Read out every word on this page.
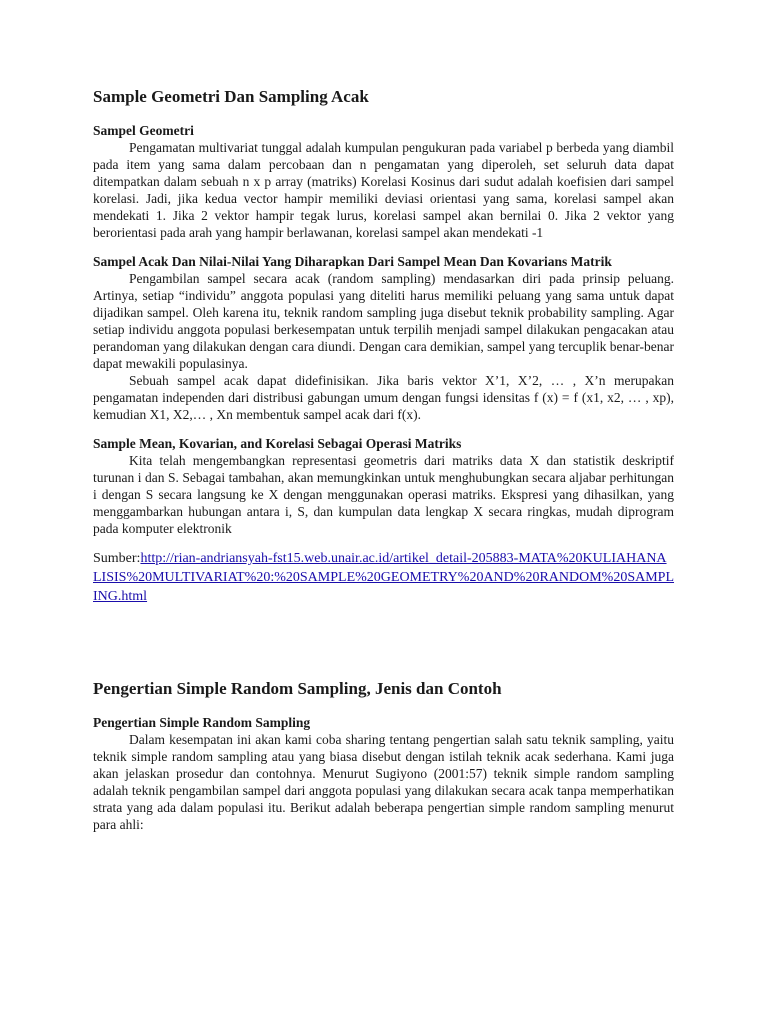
Sample Geometri Dan Sampling Acak
Sampel Geometri

Pengamatan multivariat tunggal adalah kumpulan pengukuran pada variabel p berbeda yang diambil pada item yang sama dalam percobaan dan n pengamatan yang diperoleh, set seluruh data dapat ditempatkan dalam sebuah n x p array (matriks) Korelasi Kosinus dari sudut adalah koefisien dari sampel korelasi. Jadi, jika kedua vector hampir memiliki deviasi orientasi yang sama, korelasi sampel akan mendekati 1. Jika 2 vektor hampir tegak lurus, korelasi sampel akan bernilai 0. Jika 2 vektor yang berorientasi pada arah yang hampir berlawanan, korelasi sampel akan mendekati -1

Sampel Acak Dan Nilai-Nilai Yang Diharapkan Dari Sampel Mean Dan Kovarians Matrik

Pengambilan sampel secara acak (random sampling) mendasarkan diri pada prinsip peluang. Artinya, setiap “individu” anggota populasi yang diteliti harus memiliki peluang yang sama untuk dapat dijadikan sampel. Oleh karena itu, teknik random sampling juga disebut teknik probability sampling. Agar setiap individu anggota populasi berkesempatan untuk terpilih menjadi sampel dilakukan pengacakan atau perandoman yang dilakukan dengan cara diundi. Dengan cara demikian, sampel yang tercuplik benar-benar dapat mewakili populasinya.

Sebuah sampel acak dapat didefinisikan. Jika baris vektor X’1, X’2, … , X’n merupakan pengamatan independen dari distribusi gabungan umum dengan fungsi idensitas f (x) = f (x1, x2, … , xp), kemudian X1, X2,… , Xn membentuk sampel acak dari f(x).

Sample Mean, Kovarian, and Korelasi Sebagai Operasi Matriks

Kita telah mengembangkan representasi geometris dari matriks data X dan statistik deskriptif turunan i dan S. Sebagai tambahan, akan memungkinkan untuk menghubungkan secara aljabar perhitungan i dengan S secara langsung ke X dengan menggunakan operasi matriks. Ekspresi yang dihasilkan, yang menggambarkan hubungan antara i, S, dan kumpulan data lengkap X secara ringkas, mudah diprogram pada komputer elektronik

Sumber:http://rian-andriansyah-fst15.web.unair.ac.id/artikel_detail-205883-MATA%20KULIAHANALISIS%20MULTIVARIAT%20:%20SAMPLE%20GEOMETRY%20AND%20RANDOM%20SAMPLING.html

Pengertian Simple Random Sampling, Jenis dan Contoh
Pengertian Simple Random Sampling

Dalam kesempatan ini akan kami coba sharing tentang pengertian salah satu teknik sampling, yaitu teknik simple random sampling atau yang biasa disebut dengan istilah teknik acak sederhana. Kami juga akan jelaskan prosedur dan contohnya. Menurut Sugiyono (2001:57) teknik simple random sampling adalah teknik pengambilan sampel dari anggota populasi yang dilakukan secara acak tanpa memperhatikan strata yang ada dalam populasi itu. Berikut adalah beberapa pengertian simple random sampling menurut para ahli:
